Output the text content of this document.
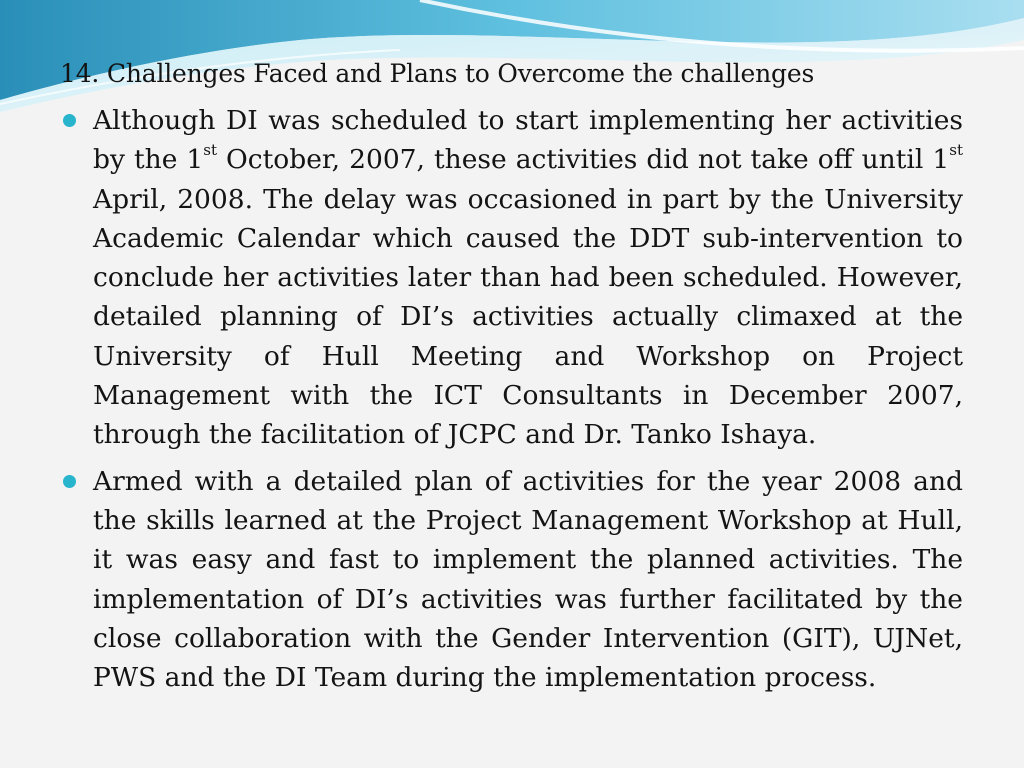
14. Challenges Faced and Plans to Overcome the challenges
Although DI was scheduled to start implementing her activities by the 1st October, 2007, these activities did not take off until 1st April, 2008. The delay was occasioned in part by the University Academic Calendar which caused the DDT sub-intervention to conclude her activities later than had been scheduled. However, detailed planning of DI’s activities actually climaxed at the University of Hull Meeting and Workshop on Project Management with the ICT Consultants in December 2007, through the facilitation of JCPC and Dr. Tanko Ishaya.
Armed with a detailed plan of activities for the year 2008 and the skills learned at the Project Management Workshop at Hull, it was easy and fast to implement the planned activities. The implementation of DI’s activities was further facilitated by the close collaboration with the Gender Intervention (GIT), UJNet, PWS and the DI Team during the implementation process.
